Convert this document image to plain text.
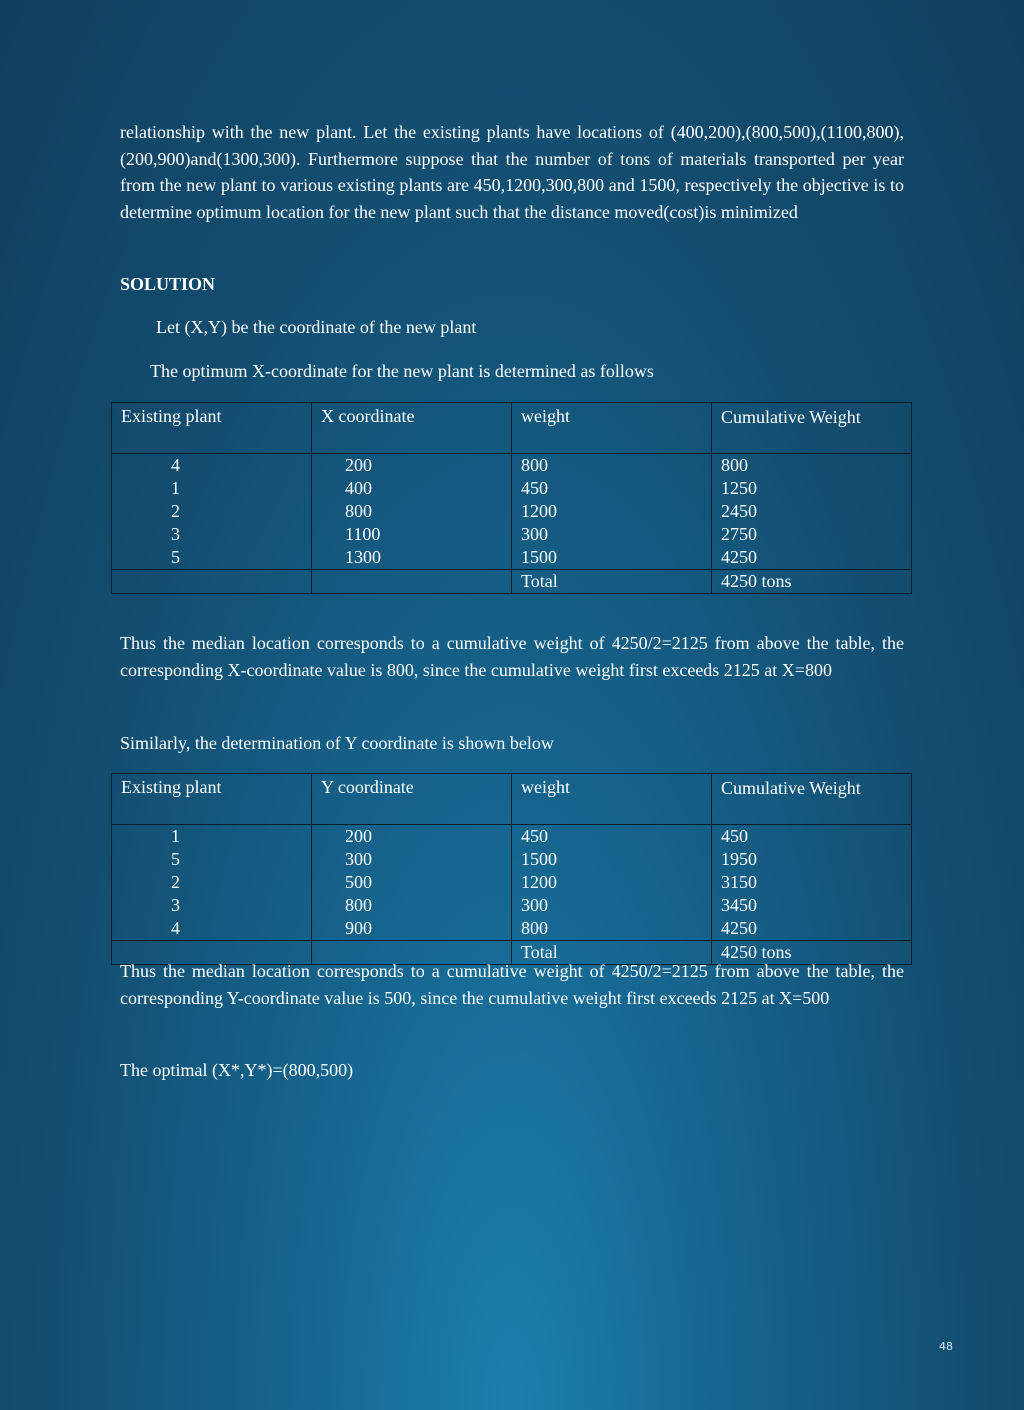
relationship with the new plant. Let the existing plants have locations of (400,200),(800,500),(1100,800),(200,900)and(1300,300). Furthermore suppose that the number of tons of materials transported per year from the new plant to various existing plants are 450,1200,300,800 and 1500, respectively the objective is to determine optimum location for the new plant such that the distance moved(cost)is minimized

SOLUTION

Let (X,Y) be the coordinate of the new plant

The optimum X-coordinate for the new plant is determined as follows

Existing plant	X coordinate	weight	Cumulative Weight
4	200	800	800
1	400	450	1250
2	800	1200	2450
3	1100	300	2750
5	1300	1500	4250
		Total	4250 tons

Thus the median location corresponds to a cumulative weight of 4250/2=2125 from above the table, the corresponding X-coordinate value is 800, since the cumulative weight first exceeds 2125 at X=800

Similarly, the determination of Y coordinate is shown below

Existing plant	Y coordinate	weight	Cumulative Weight
1	200	450	450
5	300	1500	1950
2	500	1200	3150
3	800	300	3450
4	900	800	4250
		Total	4250 tons

Thus the median location corresponds to a cumulative weight of 4250/2=2125 from above the table, the corresponding Y-coordinate value is 500, since the cumulative weight first exceeds 2125 at X=500

The optimal (X*,Y*)=(800,500)

48
